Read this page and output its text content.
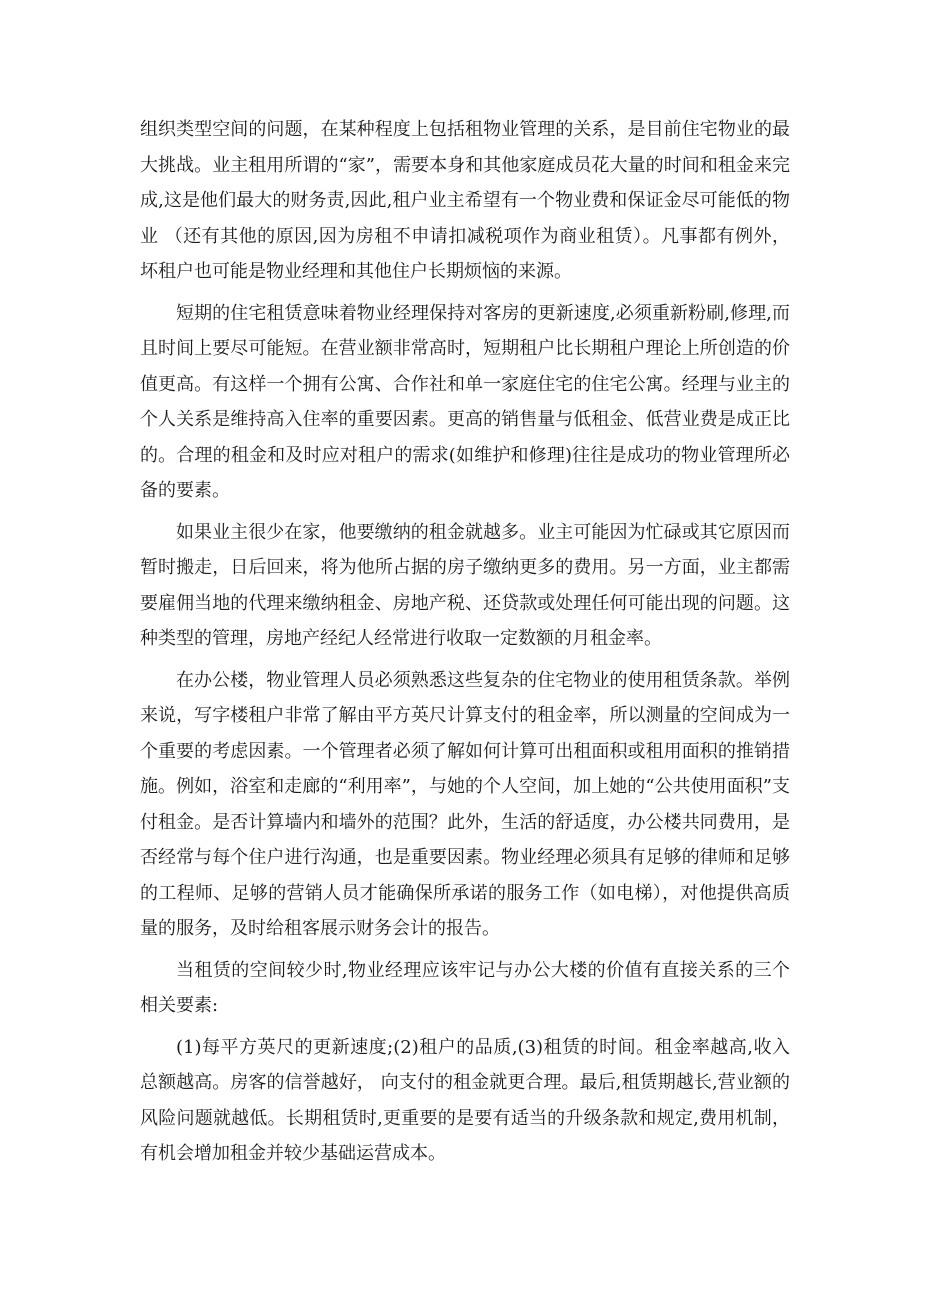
组织类型空间的问题，在某种程度上包括租物业管理的关系，是目前住宅物业的最大挑战。业主租用所谓的“家”，需要本身和其他家庭成员花大量的时间和租金来完成,这是他们最大的财务责,因此,租户业主希望有一个物业费和保证金尽可能低的物业 （还有其他的原因,因为房租不申请扣减税项作为商业租赁）。凡事都有例外，坏租户也可能是物业经理和其他住户长期烦恼的来源。

短期的住宅租赁意味着物业经理保持对客房的更新速度,必须重新粉刷,修理,而且时间上要尽可能短。在营业额非常高时，短期租户比长期租户理论上所创造的价值更高。有这样一个拥有公寓、合作社和单一家庭住宅的住宅公寓。经理与业主的个人关系是维持高入住率的重要因素。更高的销售量与低租金、低营业费是成正比的。合理的租金和及时应对租户的需求(如维护和修理)往往是成功的物业管理所必备的要素。

如果业主很少在家，他要缴纳的租金就越多。业主可能因为忙碌或其它原因而暂时搬走，日后回来，将为他所占据的房子缴纳更多的费用。另一方面，业主都需要雇佣当地的代理来缴纳租金、房地产税、还贷款或处理任何可能出现的问题。这种类型的管理，房地产经纪人经常进行收取一定数额的月租金率。

在办公楼，物业管理人员必须熟悉这些复杂的住宅物业的使用租赁条款。举例来说，写字楼租户非常了解由平方英尺计算支付的租金率，所以测量的空间成为一个重要的考虑因素。一个管理者必须了解如何计算可出租面积或租用面积的推销措施。例如，浴室和走廊的“利用率”，与她的个人空间，加上她的“公共使用面积”支付租金。是否计算墙内和墙外的范围？此外，生活的舒适度，办公楼共同费用，是否经常与每个住户进行沟通，也是重要因素。物业经理必须具有足够的律师和足够的工程师、足够的营销人员才能确保所承诺的服务工作（如电梯），对他提供高质量的服务，及时给租客展示财务会计的报告。

当租赁的空间较少时,物业经理应该牢记与办公大楼的价值有直接关系的三个相关要素:

(1)每平方英尺的更新速度;(2)租户的品质,(3)租赁的时间。租金率越高,收入总额越高。房客的信誉越好， 向支付的租金就更合理。最后,租赁期越长,营业额的风险问题就越低。长期租赁时,更重要的是要有适当的升级条款和规定,费用机制，有机会增加租金并较少基础运营成本。
